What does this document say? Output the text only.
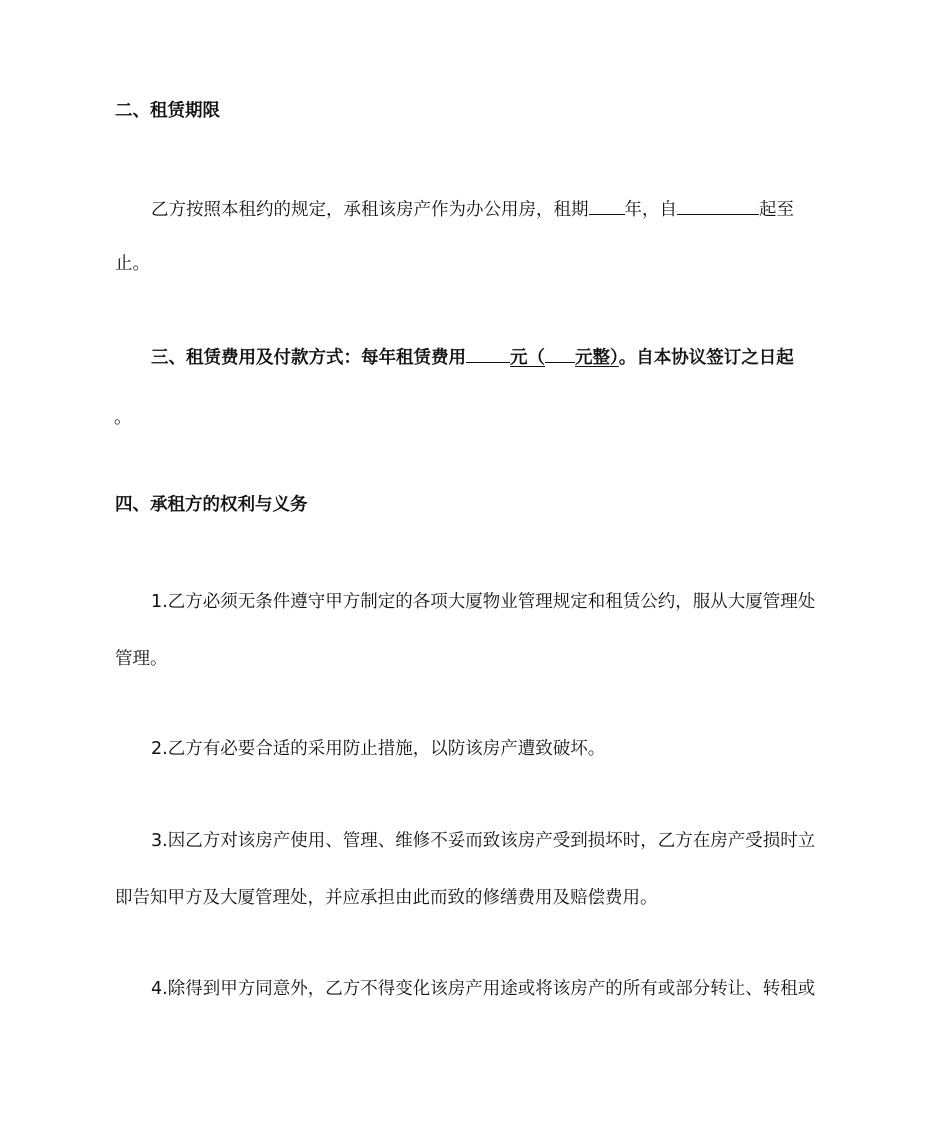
二、租赁期限
乙方按照本租约的规定，承租该房产作为办公用房，租期 年，自	起至
止。
三、租赁费用及付款方式：每年租赁费用	元（ 元整）。自本协议签订之日起
。
四、承租方的权利与义务
1.乙方必须无条件遵守甲方制定的各项大厦物业管理规定和租赁公约，服从大厦管理处
管理。
2.乙方有必要合适的采用防止措施，以防该房产遭致破坏。
3.因乙方对该房产使用、管理、维修不妥而致该房产受到损坏时，乙方在房产受损时立
即告知甲方及大厦管理处，并应承担由此而致的修缮费用及赔偿费用。
4.除得到甲方同意外，乙方不得变化该房产用途或将该房产的所有或部分转让、转租或
